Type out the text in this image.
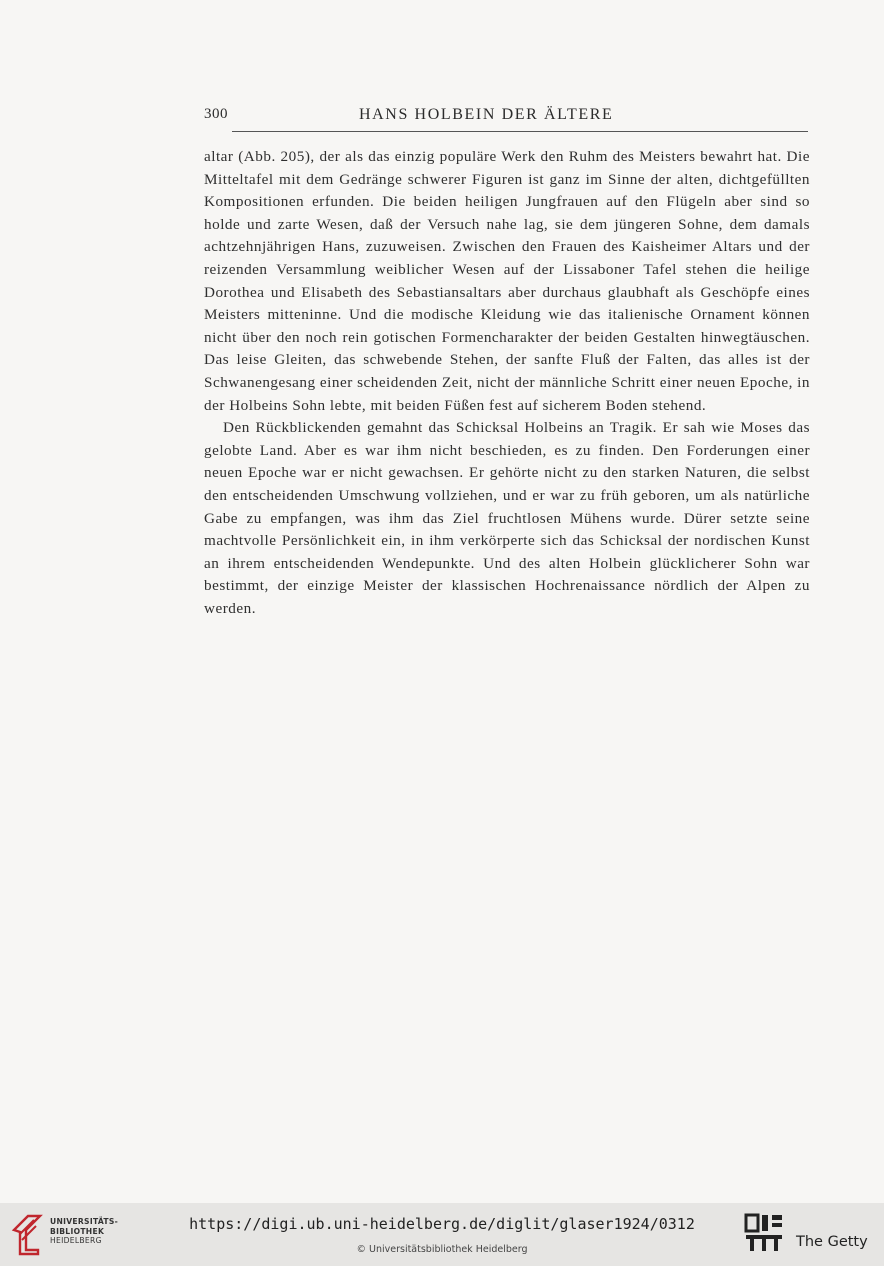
300	HANS HOLBEIN DER ÄLTERE

altar (Abb. 205), der als das einzig populäre Werk den Ruhm des Meisters bewahrt hat. Die Mitteltafel mit dem Gedränge schwerer Figuren ist ganz im Sinne der alten, dichtgefüllten Kompositionen erfunden. Die beiden heiligen Jungfrauen auf den Flügeln aber sind so holde und zarte Wesen, daß der Versuch nahe lag, sie dem jüngeren Sohne, dem damals achtzehnjährigen Hans, zuzuweisen. Zwischen den Frauen des Kaisheimer Altars und der reizenden Versammlung weiblicher Wesen auf der Lissaboner Tafel stehen die heilige Dorothea und Elisabeth des Sebastiansaltars aber durchaus glaubhaft als Geschöpfe eines Meisters mitteninne. Und die modische Kleidung wie das italienische Ornament können nicht über den noch rein gotischen Formencharakter der beiden Gestalten hinwegtäuschen. Das leise Gleiten, das schwebende Stehen, der sanfte Fluß der Falten, das alles ist der Schwanengesang einer scheidenden Zeit, nicht der männliche Schritt einer neuen Epoche, in der Holbeins Sohn lebte, mit beiden Füßen fest auf sicherem Boden stehend.

Den Rückblickenden gemahnt das Schicksal Holbeins an Tragik. Er sah wie Moses das gelobte Land. Aber es war ihm nicht beschieden, es zu finden. Den Forderungen einer neuen Epoche war er nicht gewachsen. Er gehörte nicht zu den starken Naturen, die selbst den entscheidenden Umschwung vollziehen, und er war zu früh geboren, um als natürliche Gabe zu empfangen, was ihm das Ziel fruchtlosen Mühens wurde. Dürer setzte seine machtvolle Persönlichkeit ein, in ihm verkörperte sich das Schicksal der nordischen Kunst an ihrem entscheidenden Wendepunkte. Und des alten Holbein glücklicherer Sohn war bestimmt, der einzige Meister der klassischen Hochrenaissance nördlich der Alpen zu werden.

UNIVERSITÄTS-
BIBLIOTHEK
HEIDELBERG
https://digi.ub.uni-heidelberg.de/diglit/glaser1924/0312
© Universitätsbibliothek Heidelberg	The Getty
